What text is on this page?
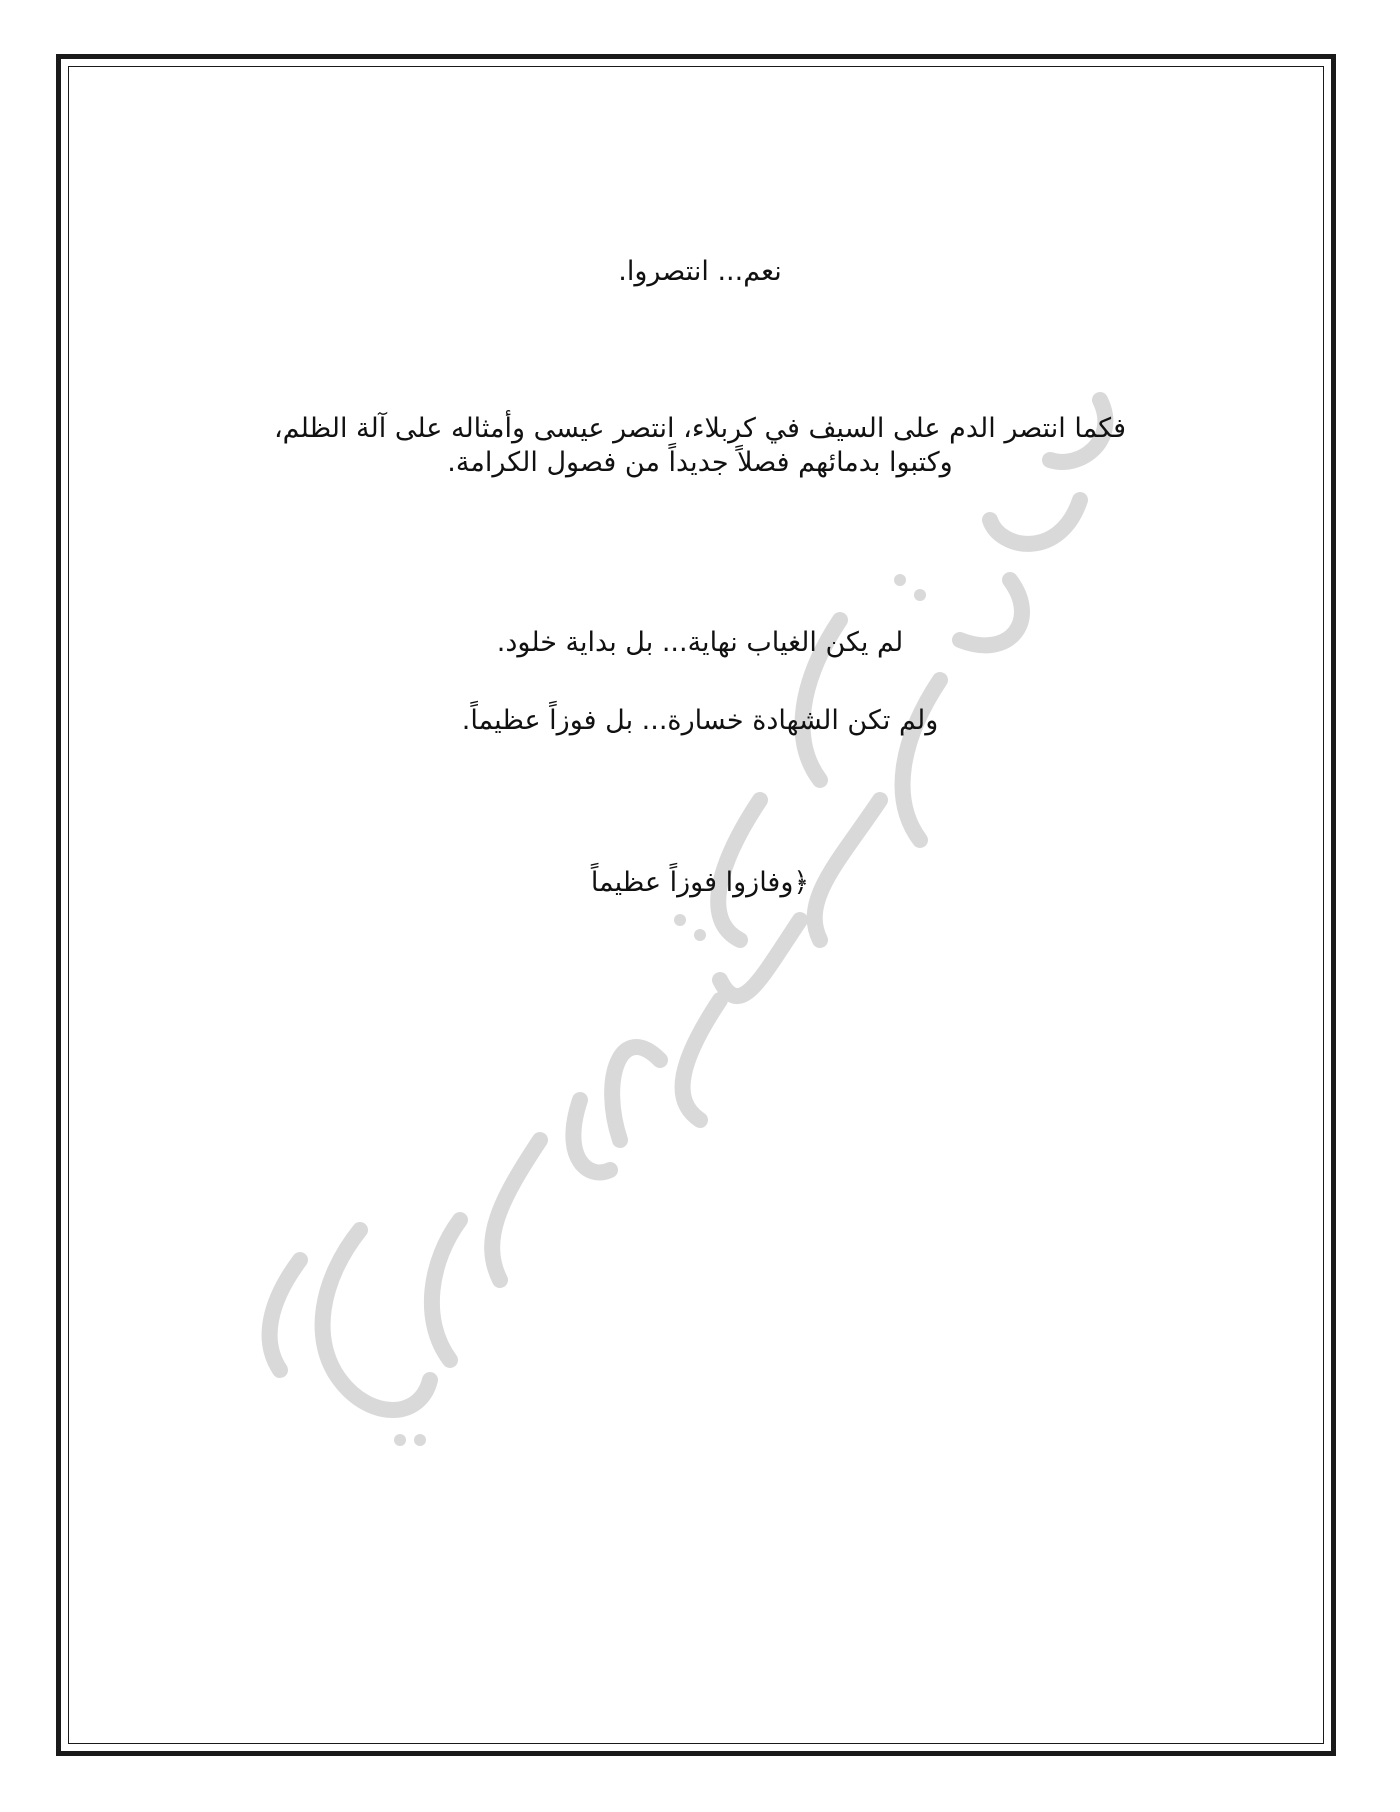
نعم... انتصروا.
فكما انتصر الدم على السيف في كربلاء، انتصر عيسى وأمثاله على آلة الظلم،
وكتبوا بدمائهم فصلاً جديداً من فصول الكرامة.
لم يكن الغياب نهاية... بل بداية خلود.
ولم تكن الشهادة خسارة... بل فوزاً عظيماً.
﴿وفازوا فوزاً عظيماً
